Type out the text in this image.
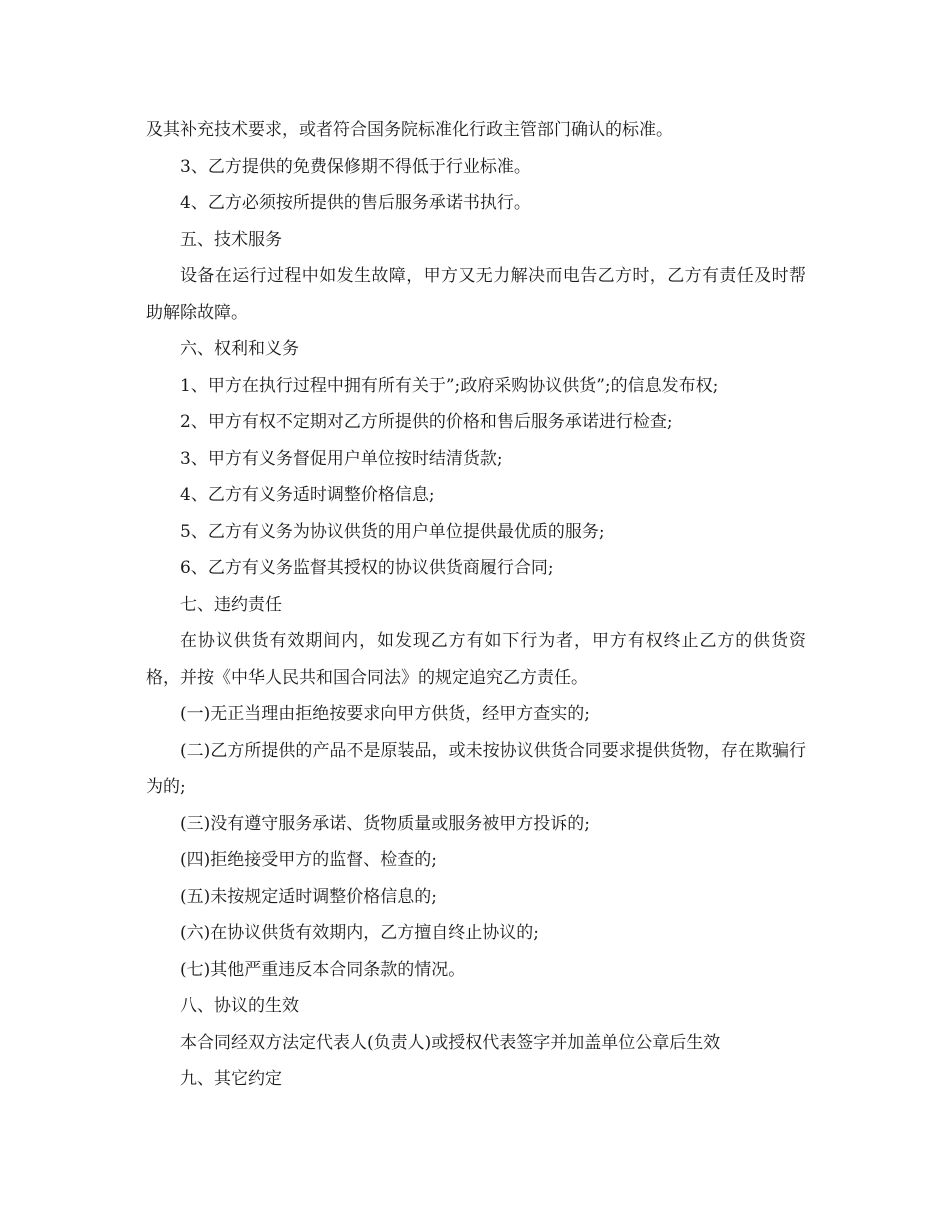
及其补充技术要求，或者符合国务院标准化行政主管部门确认的标准。

3、乙方提供的免费保修期不得低于行业标准。

4、乙方必须按所提供的售后服务承诺书执行。

五、技术服务

设备在运行过程中如发生故障，甲方又无力解决而电告乙方时，乙方有责任及时帮助解除故障。

六、权利和义务

1、甲方在执行过程中拥有所有关于”;政府采购协议供货”;的信息发布权;

2、甲方有权不定期对乙方所提供的价格和售后服务承诺进行检查;

3、甲方有义务督促用户单位按时结清货款;

4、乙方有义务适时调整价格信息;

5、乙方有义务为协议供货的用户单位提供最优质的服务;

6、乙方有义务监督其授权的协议供货商履行合同;

七、违约责任

在协议供货有效期间内，如发现乙方有如下行为者，甲方有权终止乙方的供货资格，并按《中华人民共和国合同法》的规定追究乙方责任。

(一)无正当理由拒绝按要求向甲方供货，经甲方查实的;

(二)乙方所提供的产品不是原装品，或未按协议供货合同要求提供货物，存在欺骗行为的;

(三)没有遵守服务承诺、货物质量或服务被甲方投诉的;

(四)拒绝接受甲方的监督、检查的;

(五)未按规定适时调整价格信息的;

(六)在协议供货有效期内，乙方擅自终止协议的;

(七)其他严重违反本合同条款的情况。

八、协议的生效

本合同经双方法定代表人(负责人)或授权代表签字并加盖单位公章后生效

九、其它约定
